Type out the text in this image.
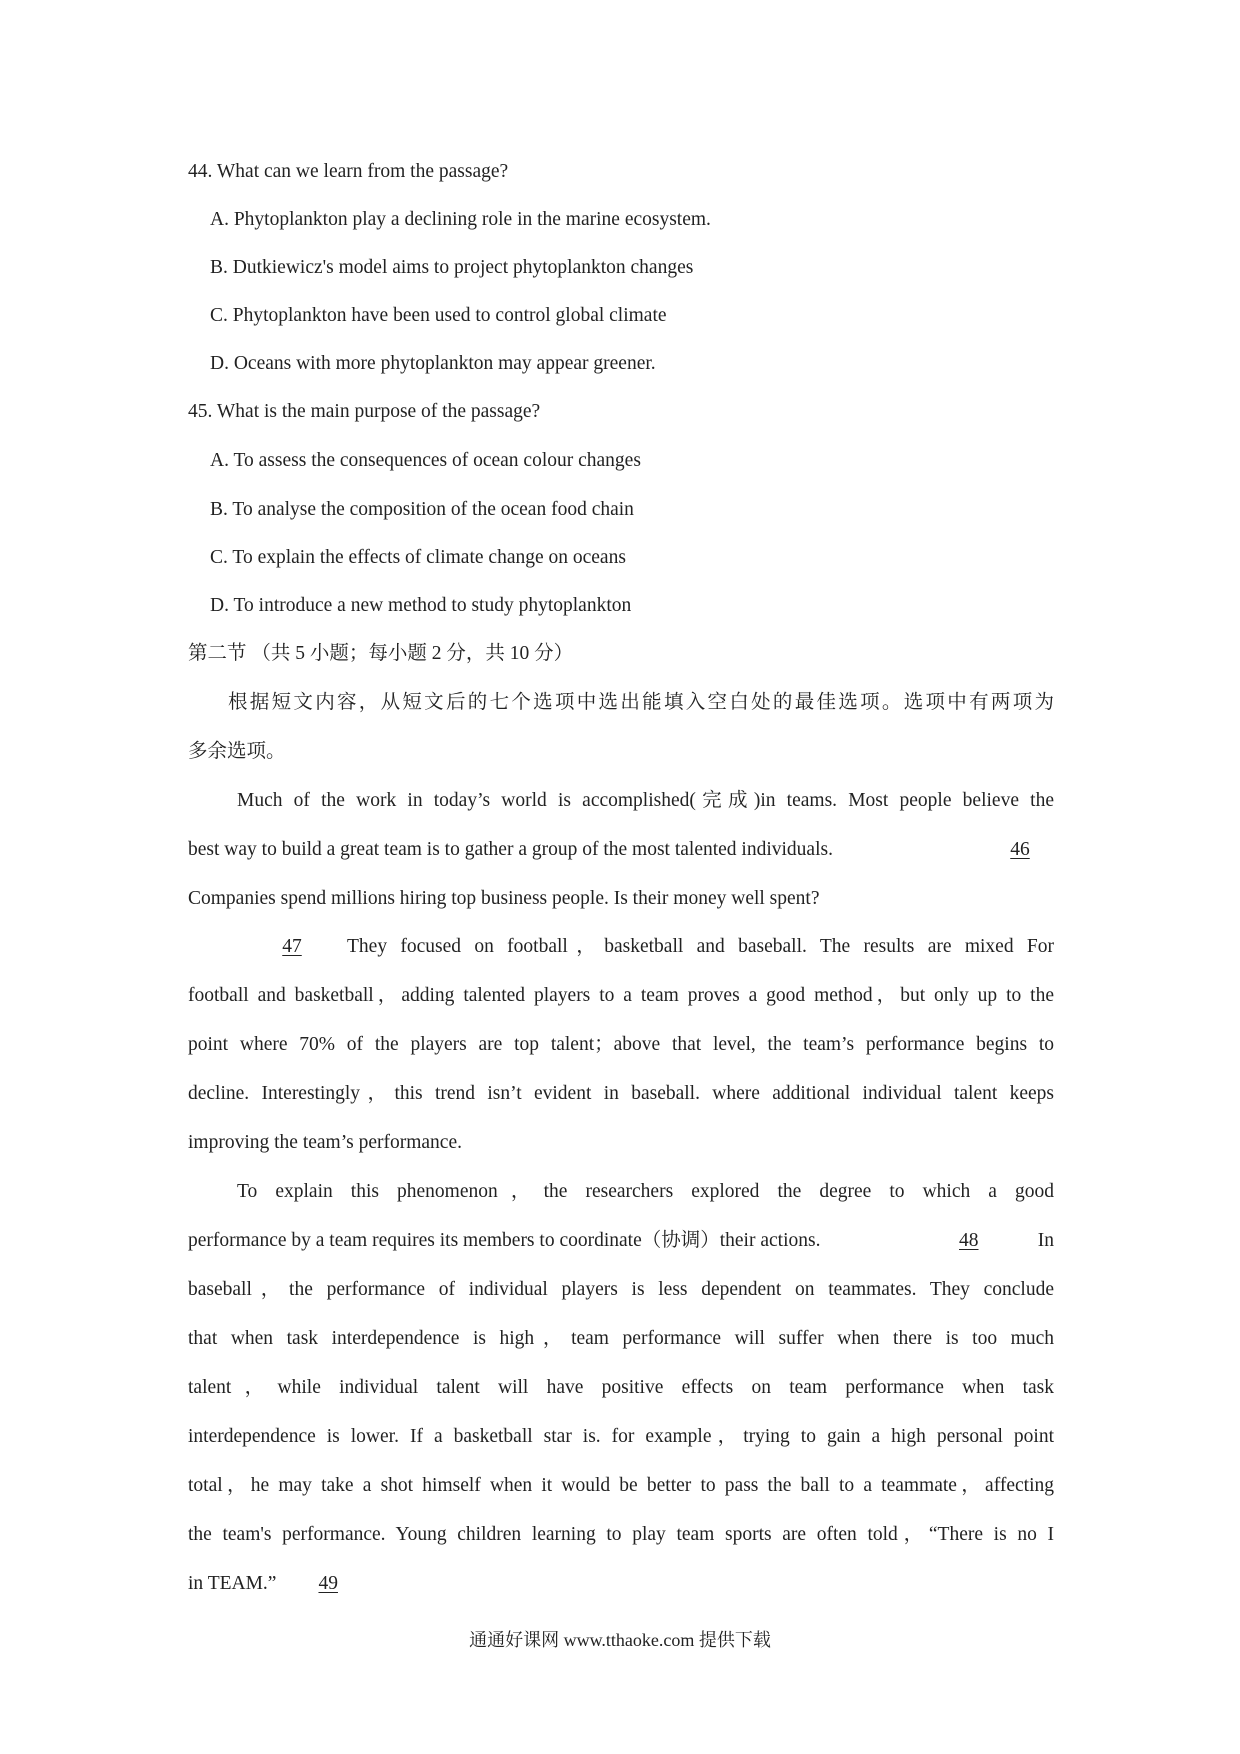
44. What can we learn from the passage?
A. Phytoplankton play a declining role in the marine ecosystem.
B. Dutkiewicz's model aims to project phytoplankton changes
C. Phytoplankton have been used to control global climate
D. Oceans with more phytoplankton may appear greener.
45. What is the main purpose of the passage?
A. To assess the consequences of ocean colour changes
B. To analyse the composition of the ocean food chain
C. To explain the effects of climate change on oceans
D. To introduce a new method to study phytoplankton
第二节 （共 5 小题；每小题 2 分，共 10 分）
根据短文内容，从短文后的七个选项中选出能填入空白处的最佳选项。选项中有两项为
多余选项。
Much of the work in today’s world is accomplished(完成)in teams. Most people believe the
best way to build a great team is to gather a group of the most talented individuals.	46
Companies spend millions hiring top business people. Is their money well spent?
47	They focused on football，basketball and baseball. The results are mixed For
football and basketball，adding talented players to a team proves a good method，but only up to the
point where 70% of the players are top talent；above that level, the team’s performance begins to
decline. Interestingly，this trend isn’t evident in baseball. where additional individual talent keeps
improving the team’s performance.
To explain this phenomenon，the researchers explored the degree to which a good
performance by a team requires its members to coordinate（协调）their actions.	48	In
baseball，the performance of individual players is less dependent on teammates. They conclude
that when task interdependence is high，team performance will suffer when there is too much
talent，while individual talent will have positive effects on team performance when task
interdependence is lower. If a basketball star is. for example，trying to gain a high personal point
total，he may take a shot himself when it would be better to pass the ball to a teammate，affecting
the team's performance. Young children learning to play team sports are often told，“There is no I
in TEAM.” 49
通通好课网 www.tthaoke.com 提供下载
